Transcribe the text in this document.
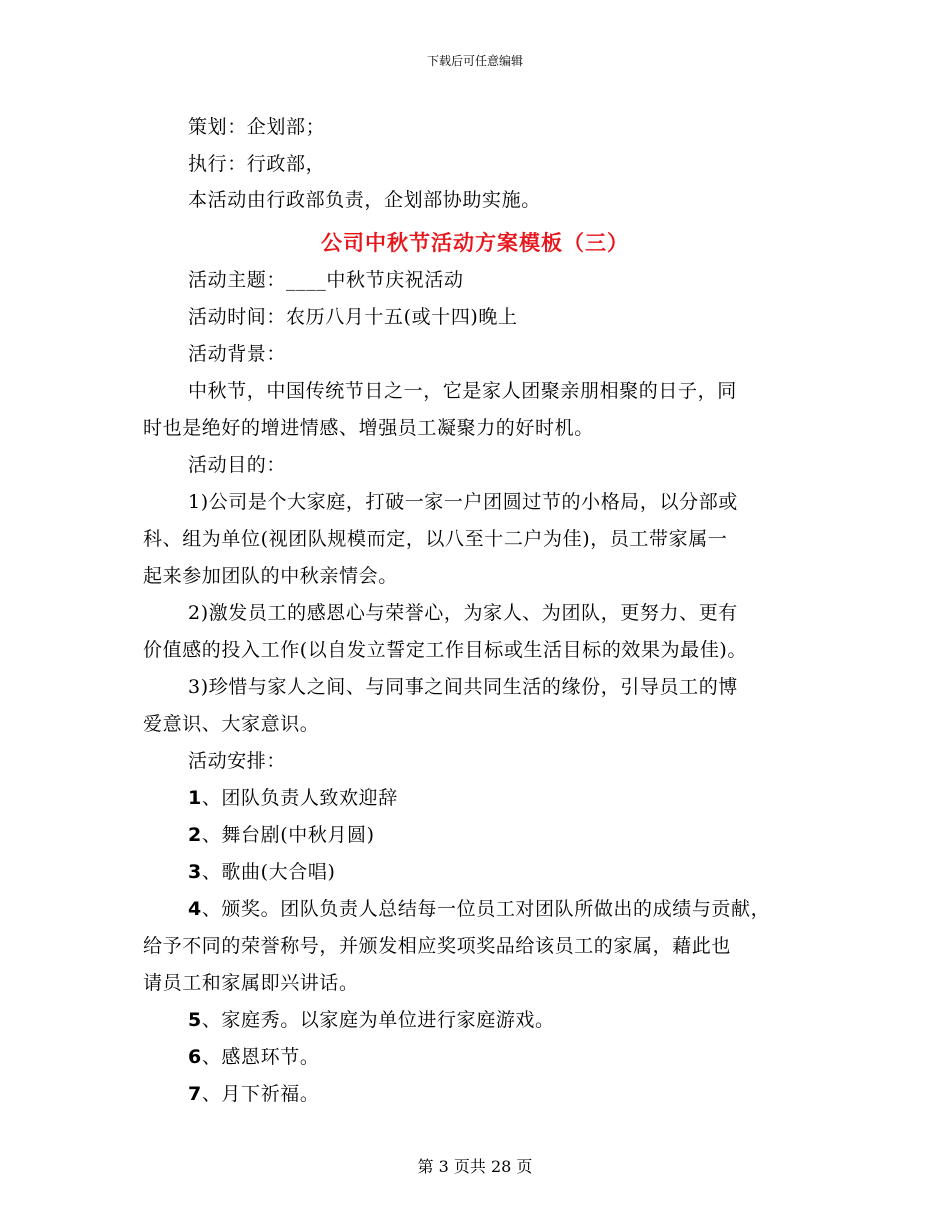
下载后可任意编辑

策划：企划部；

执行：行政部，

本活动由行政部负责，企划部协助实施。

公司中秋节活动方案模板（三）

活动主题：____中秋节庆祝活动

活动时间：农历八月十五(或十四)晚上

活动背景：

中秋节，中国传统节日之一，它是家人团聚亲朋相聚的日子，同

时也是绝好的增进情感、增强员工凝聚力的好时机。

活动目的：

1)公司是个大家庭，打破一家一户团圆过节的小格局，以分部或

科、组为单位(视团队规模而定，以八至十二户为佳)，员工带家属一

起来参加团队的中秋亲情会。

2)激发员工的感恩心与荣誉心，为家人、为团队，更努力、更有

价值感的投入工作(以自发立誓定工作目标或生活目标的效果为最佳)。

3)珍惜与家人之间、与同事之间共同生活的缘份，引导员工的博

爱意识、大家意识。

活动安排：

1、团队负责人致欢迎辞

2、舞台剧(中秋月圆)

3、歌曲(大合唱)

4、颁奖。团队负责人总结每一位员工对团队所做出的成绩与贡献，

给予不同的荣誉称号，并颁发相应奖项奖品给该员工的家属，藉此也

请员工和家属即兴讲话。

5、家庭秀。以家庭为单位进行家庭游戏。

6、感恩环节。

7、月下祈福。

第 3 页共 28 页
